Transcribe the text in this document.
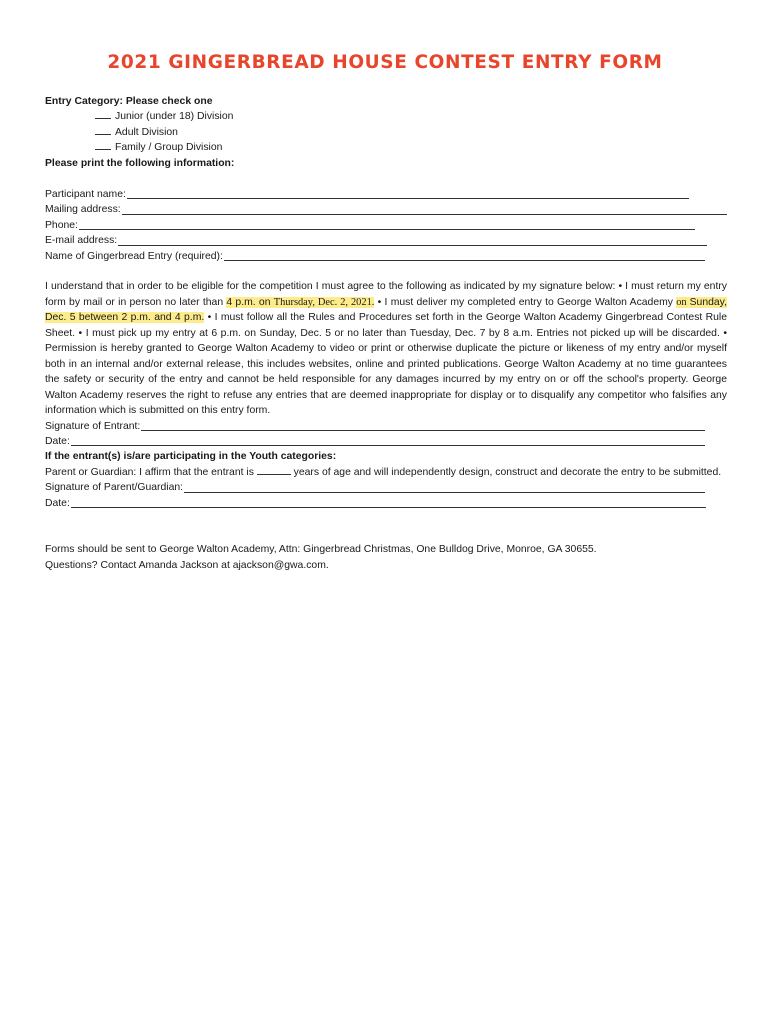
2021 GINGERBREAD HOUSE CONTEST ENTRY FORM
Entry Category: Please check one
Junior (under 18) Division
Adult Division
Family / Group Division
Please print the following information:
Participant name:
Mailing address:
Phone:
E-mail address:
Name of Gingerbread Entry (required):
I understand that in order to be eligible for the competition I must agree to the following as indicated by my signature below: • I must return my entry form by mail or in person no later than 4 p.m. on Thursday, Dec. 2, 2021. • I must deliver my completed entry to George Walton Academy on Sunday, Dec. 5 between 2 p.m. and 4 p.m. • I must follow all the Rules and Procedures set forth in the George Walton Academy Gingerbread Contest Rule Sheet. • I must pick up my entry at 6 p.m. on Sunday, Dec. 5 or no later than Tuesday, Dec. 7 by 8 a.m. Entries not picked up will be discarded. • Permission is hereby granted to George Walton Academy to video or print or otherwise duplicate the picture or likeness of my entry and/or myself both in an internal and/or external release, this includes websites, online and printed publications. George Walton Academy at no time guarantees the safety or security of the entry and cannot be held responsible for any damages incurred by my entry on or off the school's property. George Walton Academy reserves the right to refuse any entries that are deemed inappropriate for display or to disqualify any competitor who falsifies any information which is submitted on this entry form.
Signature of Entrant:
Date:
If the entrant(s) is/are participating in the Youth categories:
Parent or Guardian: I affirm that the entrant is	years of age and will independently design, construct and decorate the entry to be submitted.
Signature of Parent/Guardian:
Date:
Forms should be sent to George Walton Academy, Attn: Gingerbread Christmas, One Bulldog Drive, Monroe, GA 30655.
Questions? Contact Amanda Jackson at ajackson@gwa.com.
